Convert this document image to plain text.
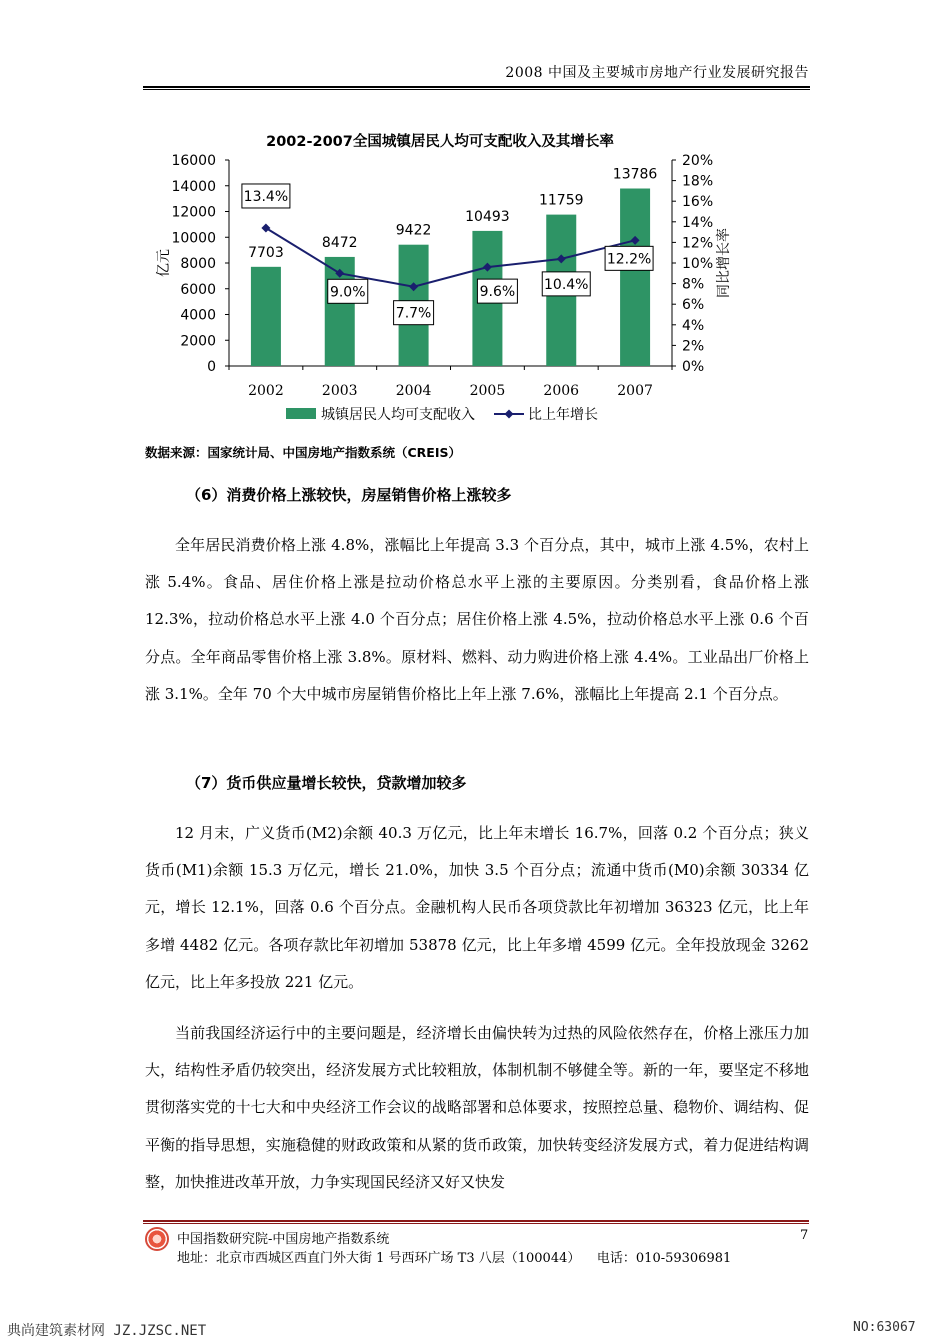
2008 中国及主要城市房地产行业发展研究报告
2002-2007全国城镇居民人均可支配收入及其增长率
0
2000
4000
6000
8000
10000
12000
14000
16000
0%
2%
4%
6%
8%
10%
12%
14%
16%
18%
20%
亿元	同比增长率
7703
8472
9422
10493
11759
13786
2002	2003	2004	2005	2006	2007
13.4%
9.0%
7.7%
9.6% 10.4%
12.2%
城镇居民人均可支配收入	比上年增长
数据来源：国家统计局、中国房地产指数系统（CREIS）
（6）消费价格上涨较快，房屋销售价格上涨较多

全年居民消费价格上涨 4.8%，涨幅比上年提高 3.3 个百分点，其中，城市上涨 4.5%，农村上涨 5.4%。食品、居住价格上涨是拉动价格总水平上涨的主要原因。分类别看，食品价格上涨 12.3%，拉动价格总水平上涨 4.0 个百分点；居住价格上涨 4.5%，拉动价格总水平上涨 0.6 个百分点。全年商品零售价格上涨 3.8%。原材料、燃料、动力购进价格上涨 4.4%。工业品出厂价格上涨 3.1%。全年 70 个大中城市房屋销售价格比上年上涨 7.6%，涨幅比上年提高 2.1 个百分点。

（7）货币供应量增长较快，贷款增加较多

12 月末，广义货币(M2)余额 40.3 万亿元，比上年末增长 16.7%，回落 0.2 个百分点；狭义货币(M1)余额 15.3 万亿元，增长 21.0%，加快 3.5 个百分点；流通中货币(M0)余额 30334 亿元，增长 12.1%，回落 0.6 个百分点。金融机构人民币各项贷款比年初增加 36323 亿元，比上年多增 4482 亿元。各项存款比年初增加 53878 亿元，比上年多增 4599 亿元。全年投放现金 3262 亿元，比上年多投放 221 亿元。

当前我国经济运行中的主要问题是，经济增长由偏快转为过热的风险依然存在，价格上涨压力加大，结构性矛盾仍较突出，经济发展方式比较粗放，体制机制不够健全等。新的一年，要坚定不移地贯彻落实党的十七大和中央经济工作会议的战略部署和总体要求，按照控总量、稳物价、调结构、促平衡的指导思想，实施稳健的财政政策和从紧的货币政策，加快转变经济发展方式，着力促进结构调整，加快推进改革开放，力争实现国民经济又好又快发

中国指数研究院-中国房地产指数系统
地址：北京市西城区西直门外大街 1 号西环广场 T3 八层（100044）    电话：010-59306981
7
典尚建筑素材网 JZ.JZSC.NET	NO:63067
